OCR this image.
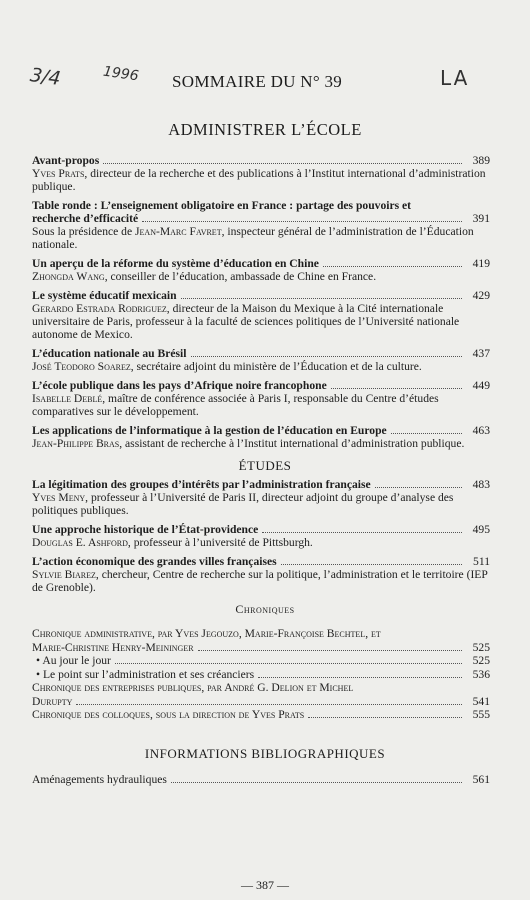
3/4	1996	LA
SOMMAIRE DU N° 39
ADMINISTRER L’ÉCOLE
Avant-propos	389
Yves Prats, directeur de la recherche et des publications à l’Institut international d’administration publique.
Table ronde : L’enseignement obligatoire en France : partage des pouvoirs et
recherche d’efficacité	391
Sous la présidence de Jean-Marc Favret, inspecteur général de l’administration de l’Éducation nationale.
Un aperçu de la réforme du système d’éducation en Chine	419
Zhongda Wang, conseiller de l’éducation, ambassade de Chine en France.
Le système éducatif mexicain	429
Gerardo Estrada Rodriguez, directeur de la Maison du Mexique à la Cité internationale universitaire de Paris, professeur à la faculté de sciences politiques de l’Université nationale autonome de Mexico.
L’éducation nationale au Brésil	437
José Teodoro Soarez, secrétaire adjoint du ministère de l’Éducation et de la culture.
L’école publique dans les pays d’Afrique noire francophone	449
Isabelle Deblé, maître de conférence associée à Paris I, responsable du Centre d’études comparatives sur le développement.
Les applications de l’informatique à la gestion de l’éducation en Europe	463
Jean-Philippe Bras, assistant de recherche à l’Institut international d’administration publique.
ÉTUDES
La légitimation des groupes d’intérêts par l’administration française	483
Yves Meny, professeur à l’Université de Paris II, directeur adjoint du groupe d’analyse des politiques publiques.
Une approche historique de l’État-providence	495
Douglas E. Ashford, professeur à l’université de Pittsburgh.
L’action économique des grandes villes françaises	511
Sylvie Biarez, chercheur, Centre de recherche sur la politique, l’administration et le territoire (IEP de Grenoble).
Chroniques
Chronique administrative, par Yves Jegouzo, Marie-Françoise Bechtel, et
Marie-Christine Henry-Meininger	525
• Au jour le jour	525
• Le point sur l’administration et ses créanciers	536
Chronique des entreprises publiques, par André G. Delion et Michel
Durupty	541
Chronique des colloques, sous la direction de Yves Prats	555
INFORMATIONS BIBLIOGRAPHIQUES
Aménagements hydrauliques	561
— 387 —
